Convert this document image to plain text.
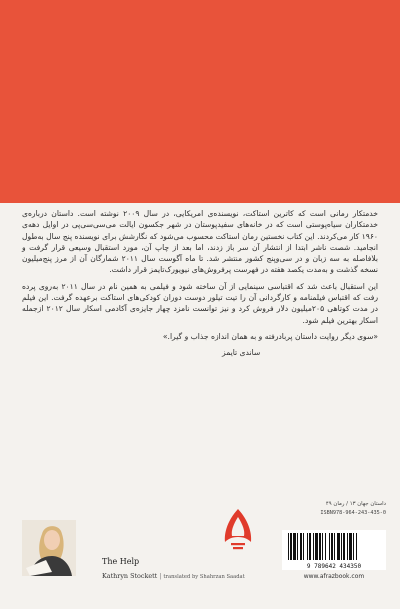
خدمتکار رمانی است که کاترین استاکت، نویسنده‌ی امریکایی، در سال ۲۰۰۹ نوشته است. داستان درباره‌ی خدمتکاران سیاه‌پوستی است که در خانه‌های سفیدپوستان در شهر جکسون ایالت می‌سی‌سی‌پی در اوایل دهه‌ی ۱۹۶۰ کار می‌کردند. این کتاب نخستین رمان استاکت محسوب می‌شود که نگارشش برای نویسنده پنج سال به‌طول انجامید. شصت ناشر ابتدا از انتشار آن سر باز زدند، اما بعد از چاپ آن، مورد استقبال وسیعی قرار گرفت و بلافاصله به سه زبان و در سی‌وپنج کشور منتشر شد. تا ماه آگوست سال ۲۰۱۱ شمارگان آن از مرز پنج‌میلیون نسخه گذشت و به‌مدت یکصد هفته در فهرست پرفروش‌های نیویورک‌تایمز قرار داشت.

این استقبال باعث شد که اقتباسی سینمایی از آن ساخته شود و فیلمی به همین نام در سال ۲۰۱۱ به‌روی پرده رفت که اقتباس فیلمنامه و کارگردانی آن را تیت تیلور دوست دوران کودکی‌های استاکت برعهده گرفت. این فیلم در مدت کوتاهی ۲۰۵میلیون دلار فروش کرد و نیز توانست نامزد چهار جایزه‌ی آکادمی اسکار سال ۲۰۱۲ ازجمله اسکار بهترین فیلم شود.

«سوی دیگر روایت داستان پربادرفته و به همان اندازه جذاب و گیرا.»

ساندی تایمز

The Help
Kathryn Stockett | translated by Shahrzan Saadat
داستان جهان ۱۳ / رمان ۴۹
ISBN978-964-243-435-0
9 789642 434350
www.afrazbook.com
